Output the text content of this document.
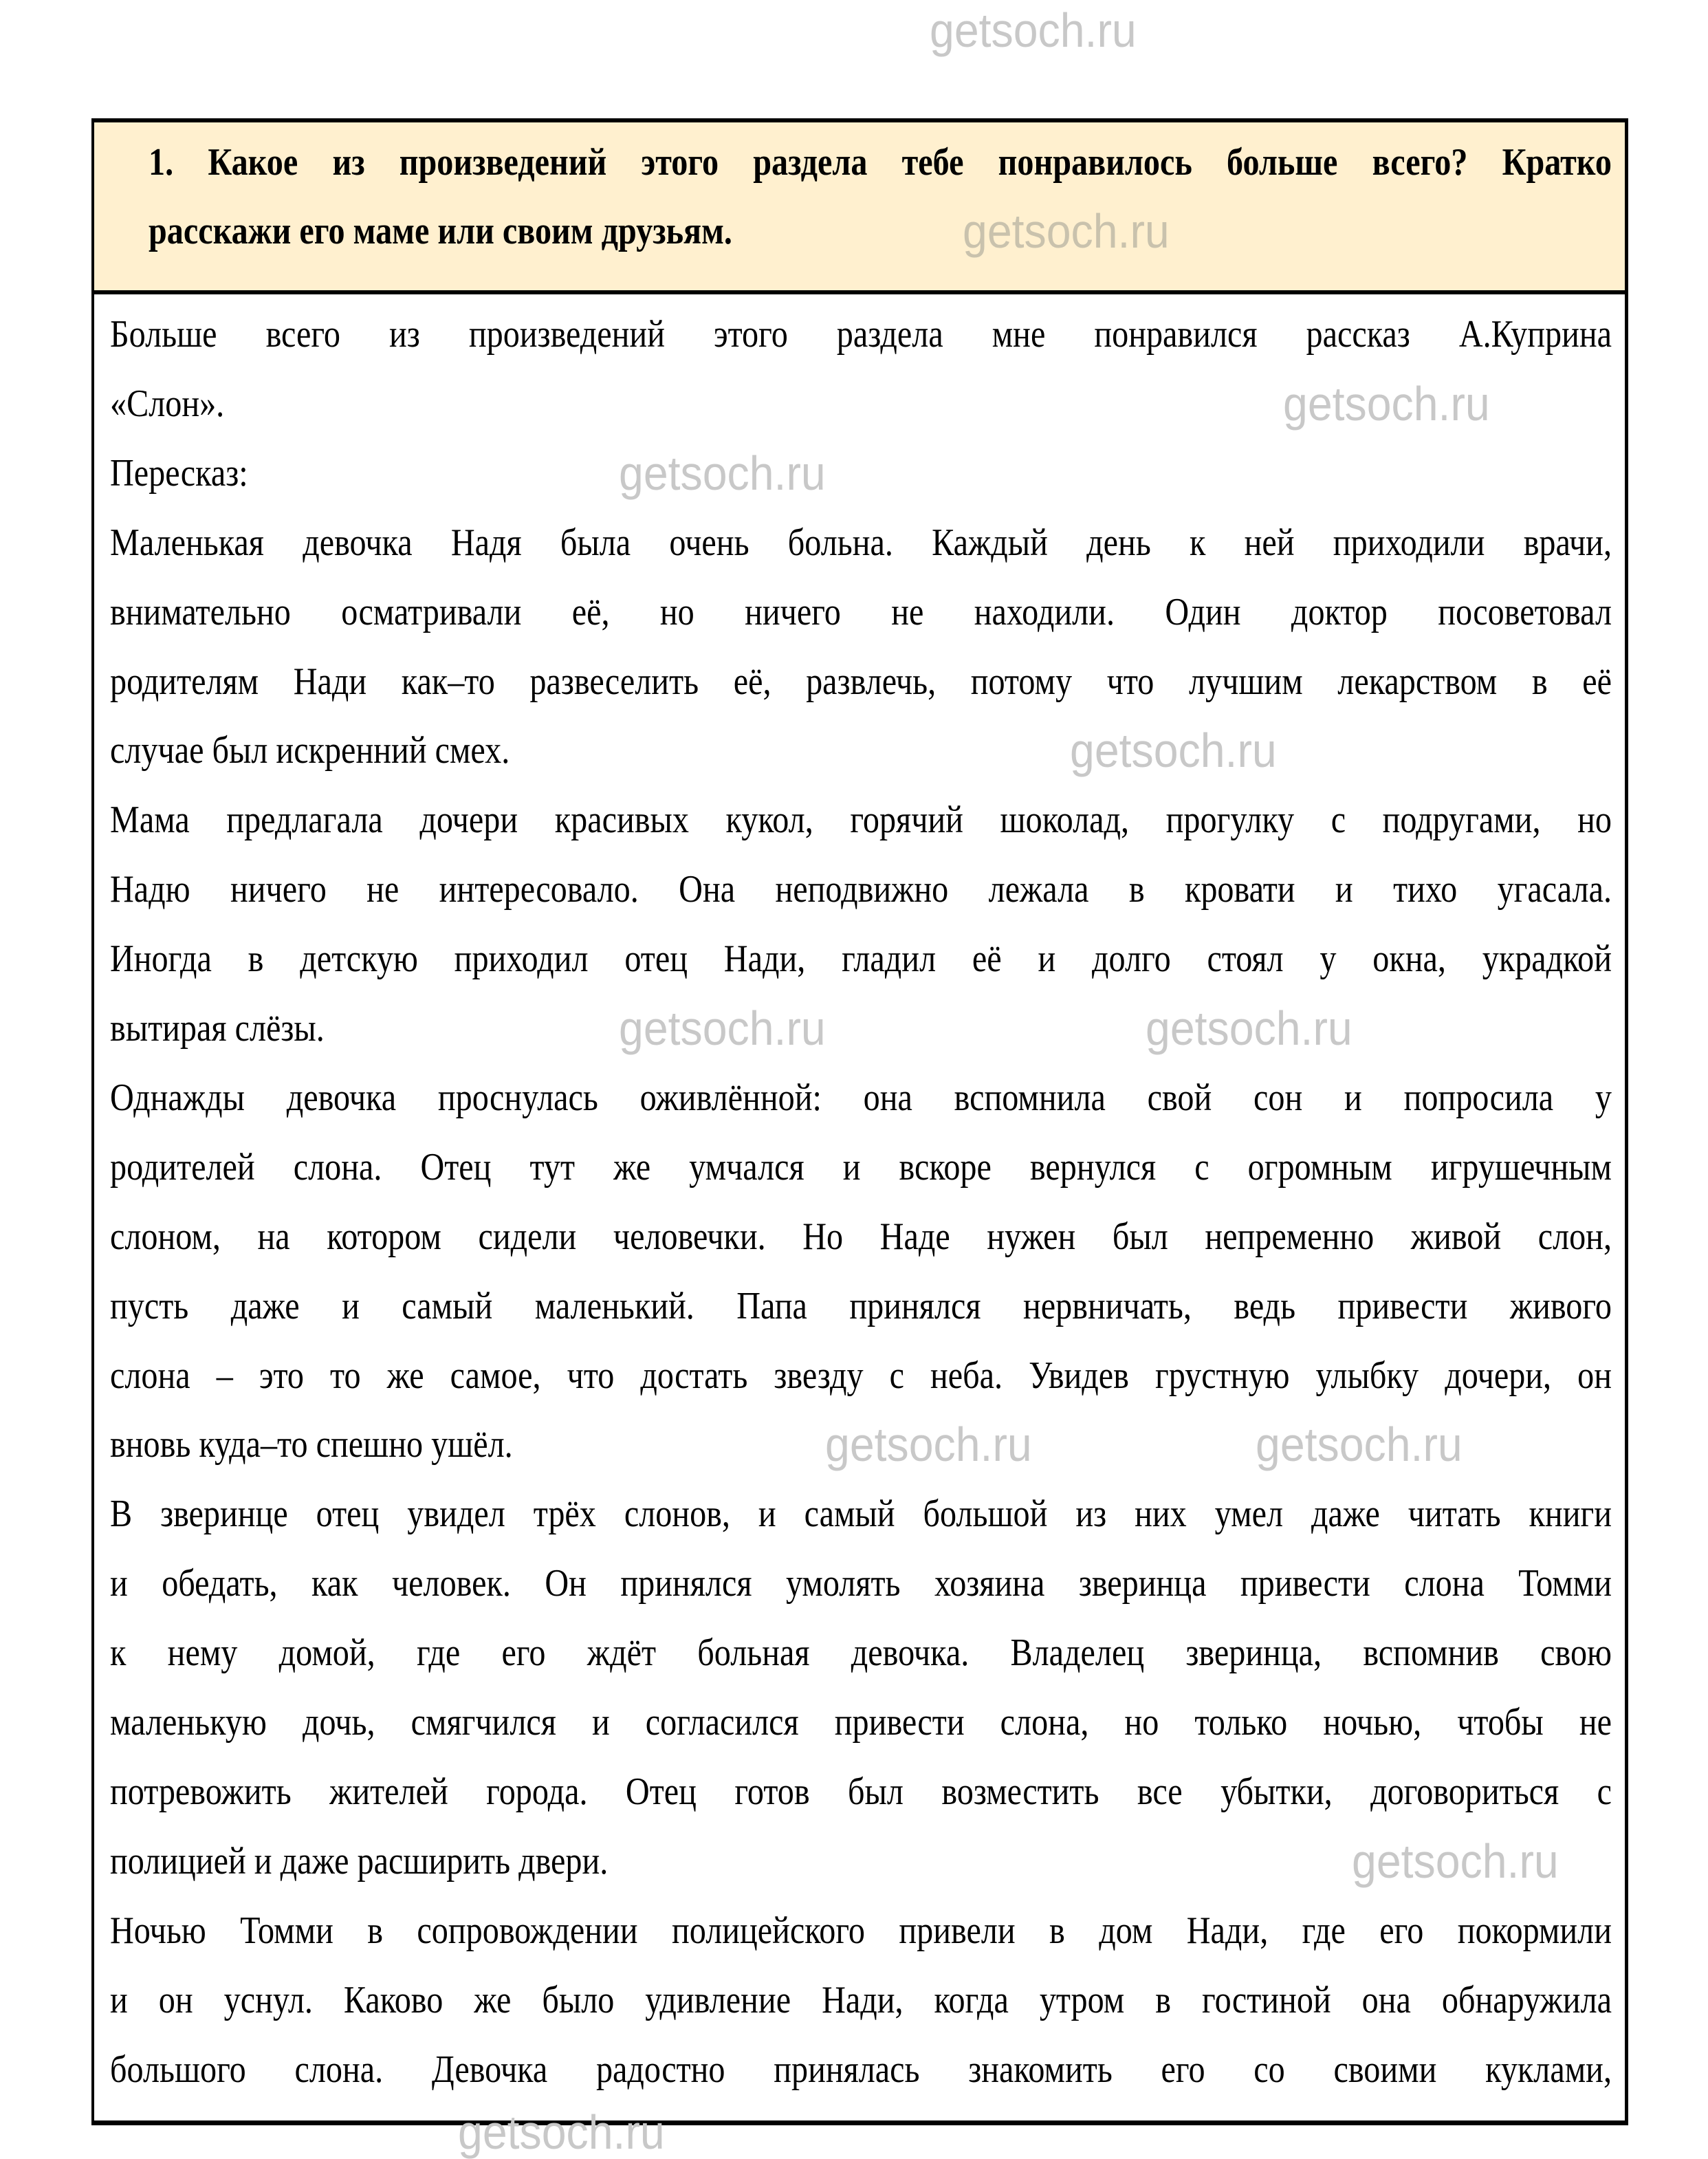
1. Какое из произведений этого раздела тебе понравилось больше всего? Кратко
расскажи его маме или своим друзьям.
Больше всего из произведений этого раздела мне понравился рассказ А.Куприна
«Слон».
Пересказ:
Маленькая девочка Надя была очень больна. Каждый день к ней приходили врачи,
внимательно осматривали её, но ничего не находили. Один доктор посоветовал
родителям Нади как–то развеселить её, развлечь, потому что лучшим лекарством в её
случае был искренний смех.
Мама предлагала дочери красивых кукол, горячий шоколад, прогулку с подругами, но
Надю ничего не интересовало. Она неподвижно лежала в кровати и тихо угасала.
Иногда в детскую приходил отец Нади, гладил её и долго стоял у окна, украдкой
вытирая слёзы.
Однажды девочка проснулась оживлённой: она вспомнила свой сон и попросила у
родителей слона. Отец тут же умчался и вскоре вернулся с огромным игрушечным
слоном, на котором сидели человечки. Но Наде нужен был непременно живой слон,
пусть даже и самый маленький. Папа принялся нервничать, ведь привести живого
слона – это то же самое, что достать звезду с неба. Увидев грустную улыбку дочери, он
вновь куда–то спешно ушёл.
В зверинце отец увидел трёх слонов, и самый большой из них умел даже читать книги
и обедать, как человек. Он принялся умолять хозяина зверинца привести слона Томми
к нему домой, где его ждёт больная девочка. Владелец зверинца, вспомнив свою
маленькую дочь, смягчился и согласился привести слона, но только ночью, чтобы не
потревожить жителей города. Отец готов был возместить все убытки, договориться с
полицией и даже расширить двери.
Ночью Томми в сопровождении полицейского привели в дом Нади, где его покормили
и он уснул. Каково же было удивление Нади, когда утром в гостиной она обнаружила
большого слона. Девочка радостно принялась знакомить его со своими куклами,
getsoch.ru
getsoch.ru
getsoch.ru
getsoch.ru
getsoch.ru
getsoch.ru	getsoch.ru
getsoch.ru	getsoch.ru
getsoch.ru
getsoch.ru
